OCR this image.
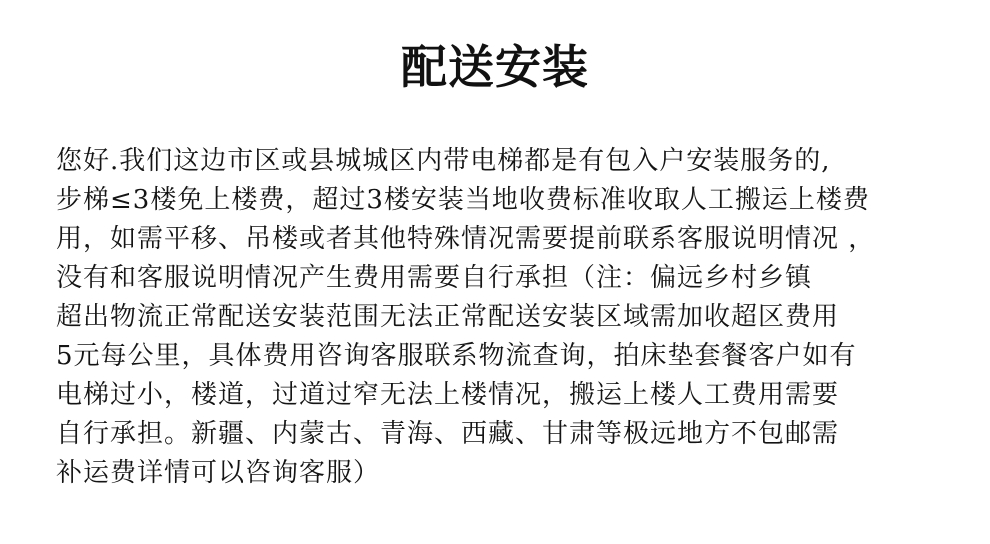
配送安装
您好.我们这边市区或县城城区内带电梯都是有包入户安装服务的,
步梯≤3楼免上楼费，超过3楼安装当地收费标准收取人工搬运上楼费
用，如需平移、吊楼或者其他特殊情况需要提前联系客服说明情况 ，
没有和客服说明情况产生费用需要自行承担（注：偏远乡村乡镇
超出物流正常配送安装范围无法正常配送安装区域需加收超区费用
5元每公里，具体费用咨询客服联系物流查询，拍床垫套餐客户如有
电梯过小，楼道，过道过窄无法上楼情况，搬运上楼人工费用需要
自行承担。新疆、内蒙古、青海、西藏、甘肃等极远地方不包邮需
补运费详情可以咨询客服）
